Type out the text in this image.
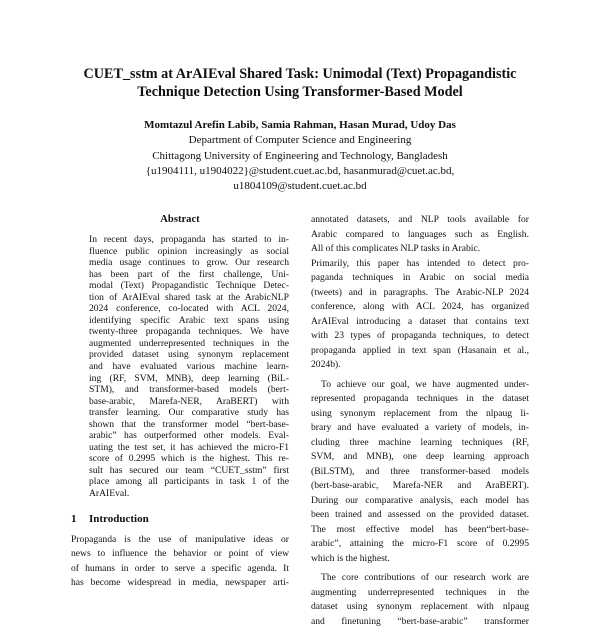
CUET_sstm at ArAIEval Shared Task: Unimodal (Text) Propagandistic
Technique Detection Using Transformer-Based Model
Momtazul Arefin Labib, Samia Rahman, Hasan Murad, Udoy Das
Department of Computer Science and Engineering
Chittagong University of Engineering and Technology, Bangladesh
{u1904111, u1904022}@student.cuet.ac.bd, hasanmurad@cuet.ac.bd,
u1804109@student.cuet.ac.bd
Abstract
In recent days, propaganda has started to in-
fluence public opinion increasingly as social
media usage continues to grow. Our research
has been part of the first challenge, Uni-
modal (Text) Propagandistic Technique Detec-
tion of ArAIEval shared task at the ArabicNLP
2024 conference, co-located with ACL 2024,
identifying specific Arabic text spans using
twenty-three propaganda techniques. We have
augmented underrepresented techniques in the
provided dataset using synonym replacement
and have evaluated various machine learn-
ing (RF, SVM, MNB), deep learning (BiL-
STM), and transformer-based models (bert-
base-arabic, Marefa-NER, AraBERT) with
transfer learning. Our comparative study has
shown that the transformer model “bert-base-
arabic” has outperformed other models. Eval-
uating the test set, it has achieved the micro-F1
score of 0.2995 which is the highest. This re-
sult has secured our team “CUET_sstm” first
place among all participants in task 1 of the
ArAIEval.
1 Introduction
Propaganda is the use of manipulative ideas or
news to influence the behavior or point of view
of humans in order to serve a specific agenda. It
has become widespread in media, newspaper arti-
annotated datasets, and NLP tools available for
Arabic compared to languages such as English.
All of this complicates NLP tasks in Arabic.
Primarily, this paper has intended to detect pro-
paganda techniques in Arabic on social media
(tweets) and in paragraphs. The Arabic-NLP 2024
conference, along with ACL 2024, has organized
ArAIEval introducing a dataset that contains text
with 23 types of propaganda techniques, to detect
propaganda applied in text span (Hasanain et al.,
2024b).
To achieve our goal, we have augmented under-
represented propaganda techniques in the dataset
using synonym replacement from the nlpaug li-
brary and have evaluated a variety of models, in-
cluding three machine learning techniques (RF,
SVM, and MNB), one deep learning approach
(BiLSTM), and three transformer-based models
(bert-base-arabic, Marefa-NER and AraBERT).
During our comparative analysis, each model has
been trained and assessed on the provided dataset.
The most effective model has been“bert-base-
arabic”, attaining the micro-F1 score of 0.2995
which is the highest.
The core contributions of our research work are
augmenting underrepresented techniques in the
dataset using synonym replacement with nlpaug
and finetuning “bert-base-arabic” transformer
